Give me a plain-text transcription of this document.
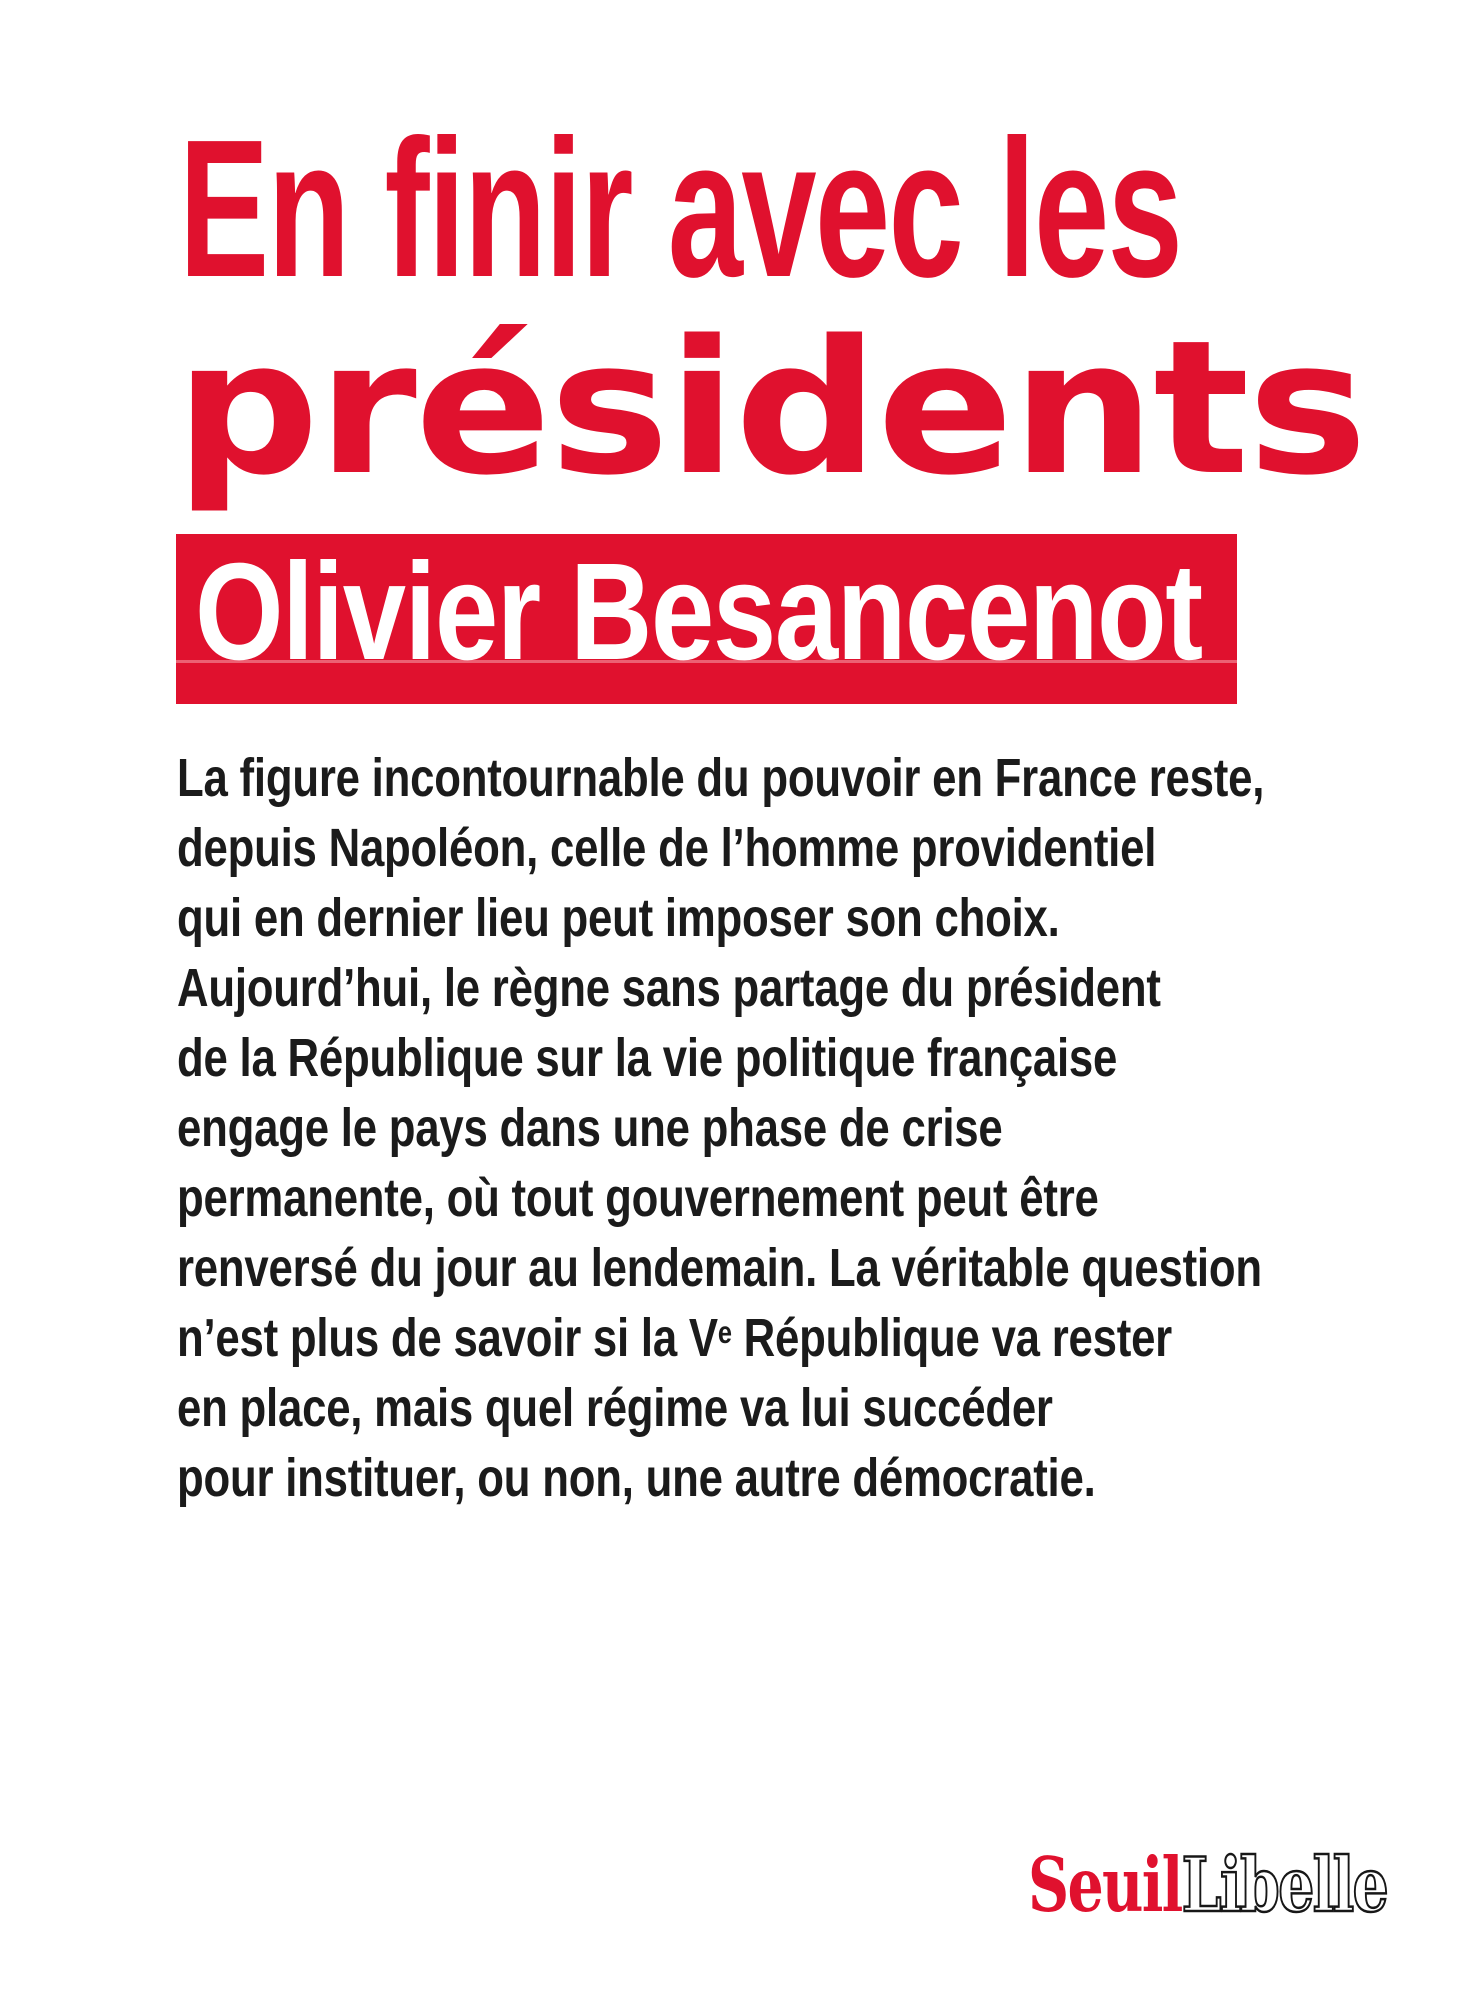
En finir avec les
présidents
Olivier Besancenot
La figure incontournable du pouvoir en France reste,
depuis Napoléon, celle de l’homme providentiel
qui en dernier lieu peut imposer son choix.
Aujourd’hui, le règne sans partage du président
de la République sur la vie politique française
engage le pays dans une phase de crise
permanente, où tout gouvernement peut être
renversé du jour au lendemain. La véritable question
n’est plus de savoir si la Ve République va rester
en place, mais quel régime va lui succéder
pour instituer, ou non, une autre démocratie.
SeuilLibelle
